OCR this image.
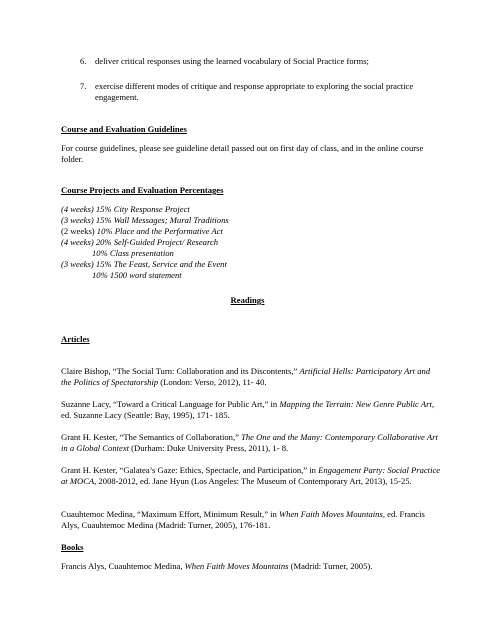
6. deliver critical responses using the learned vocabulary of Social Practice forms;
7. exercise different modes of critique and response appropriate to exploring the social practice engagement.
Course and Evaluation Guidelines
For course guidelines, please see guideline detail passed out on first day of class, and in the online course folder.
Course Projects and Evaluation Percentages
(4 weeks) 15% City Response Project
(3 weeks) 15% Wall Messages; Mural Traditions
(2 weeks) 10% Place and the Performative Act
(4 weeks) 20% Self-Guided Project/ Research
10% Class presentation
(3 weeks) 15% The Feast, Service and the Event
10% 1500 word statement
Readings
Articles

Claire Bishop, “The Social Turn: Collaboration and its Discontents,” Artificial Hells: Participatory Art and the Politics of Spectatorship (London: Verso, 2012), 11- 40.

Suzanne Lacy, “Toward a Critical Language for Public Art,” in Mapping the Terrain: New Genre Public Art, ed. Suzanne Lacy (Seattle: Bay, 1995), 171- 185.

Grant H. Kester, “The Semantics of Collaboration,” The One and the Many: Contemporary Collaborative Art in a Global Context (Durham: Duke University Press, 2011), 1- 8.

Grant H. Kester, “Galatea’s Gaze: Ethics, Spectacle, and Participation,” in Engagement Party: Social Practice at MOCA, 2008-2012, ed. Jane Hyun (Los Angeles: The Museum of Contemporary Art, 2013), 15-25.

Cuauhtemoc Medina, “Maximum Effort, Minimum Result,” in When Faith Moves Mountains, ed. Francis Alys, Cuauhtemoc Medina (Madrid: Turner, 2005), 176-181.

Books

Francis Alys, Cuauhtemoc Medina, When Faith Moves Mountains (Madrid: Turner, 2005).
